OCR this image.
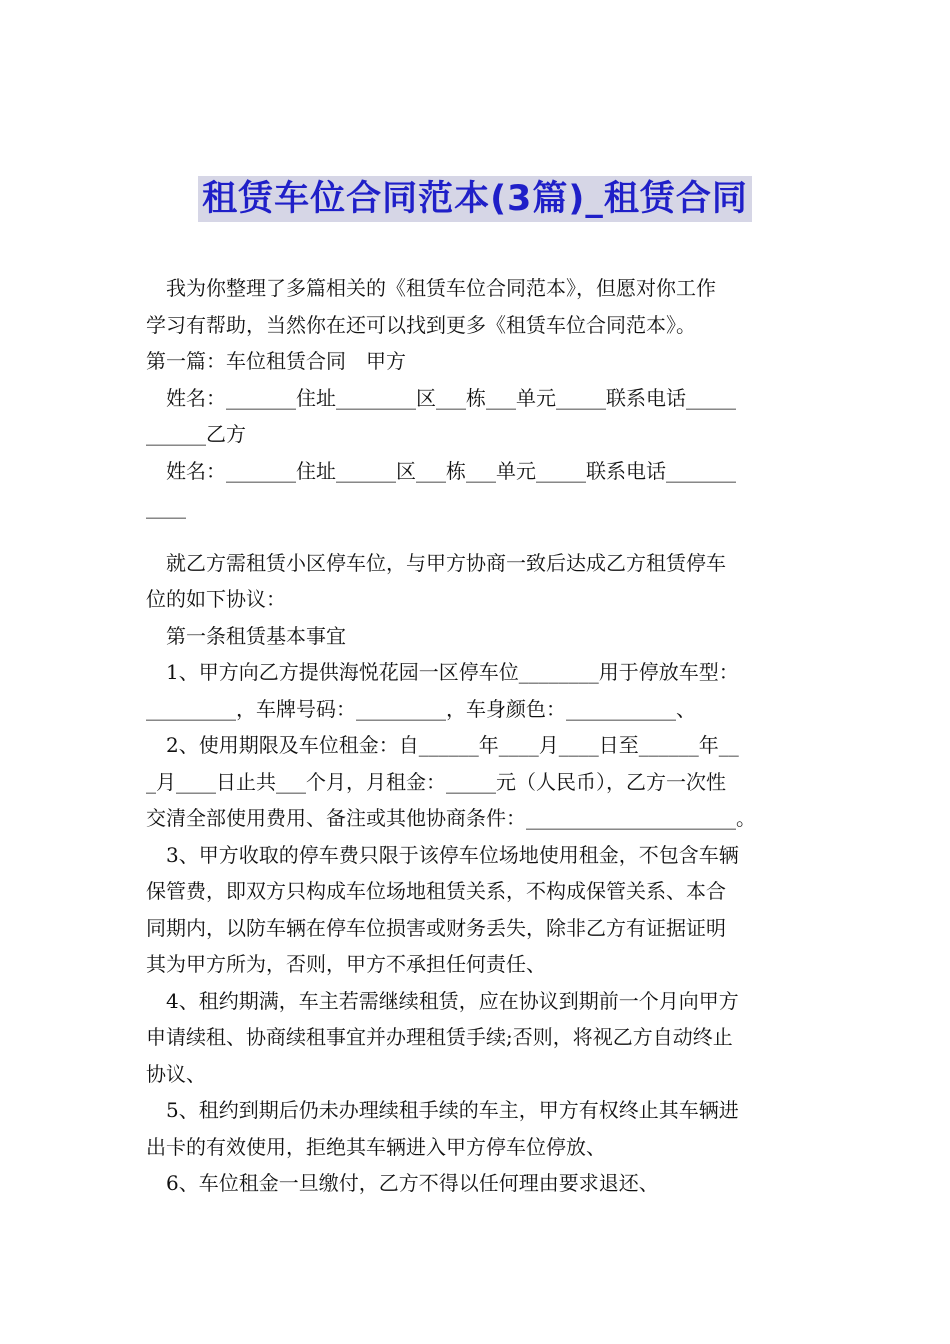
租赁车位合同范本(3篇)_租赁合同

我为你整理了多篇相关的《租赁车位合同范本》，但愿对你工作

学习有帮助，当然你在还可以找到更多《租赁车位合同范本》。

第一篇：车位租赁合同　甲方

姓名：_______住址________区___栋___单元_____联系电话_____

______乙方

姓名：_______住址______区___栋___单元_____联系电话_______

____

就乙方需租赁小区停车位，与甲方协商一致后达成乙方租赁停车

位的如下协议：

第一条租赁基本事宜

1、甲方向乙方提供海悦花园一区停车位________用于停放车型：

_________，车牌号码：_________，车身颜色：___________、

2、使用期限及车位租金：自______年____月____日至______年__

_月____日止共___个月，月租金：_____元（人民币），乙方一次性

交清全部使用费用、备注或其他协商条件：_____________________。

3、甲方收取的停车费只限于该停车位场地使用租金，不包含车辆

保管费，即双方只构成车位场地租赁关系，不构成保管关系、本合

同期内，以防车辆在停车位损害或财务丢失，除非乙方有证据证明

其为甲方所为，否则，甲方不承担任何责任、

4、租约期满，车主若需继续租赁，应在协议到期前一个月向甲方

申请续租、协商续租事宜并办理租赁手续;否则，将视乙方自动终止

协议、

5、租约到期后仍未办理续租手续的车主，甲方有权终止其车辆进

出卡的有效使用，拒绝其车辆进入甲方停车位停放、

6、车位租金一旦缴付，乙方不得以任何理由要求退还、
